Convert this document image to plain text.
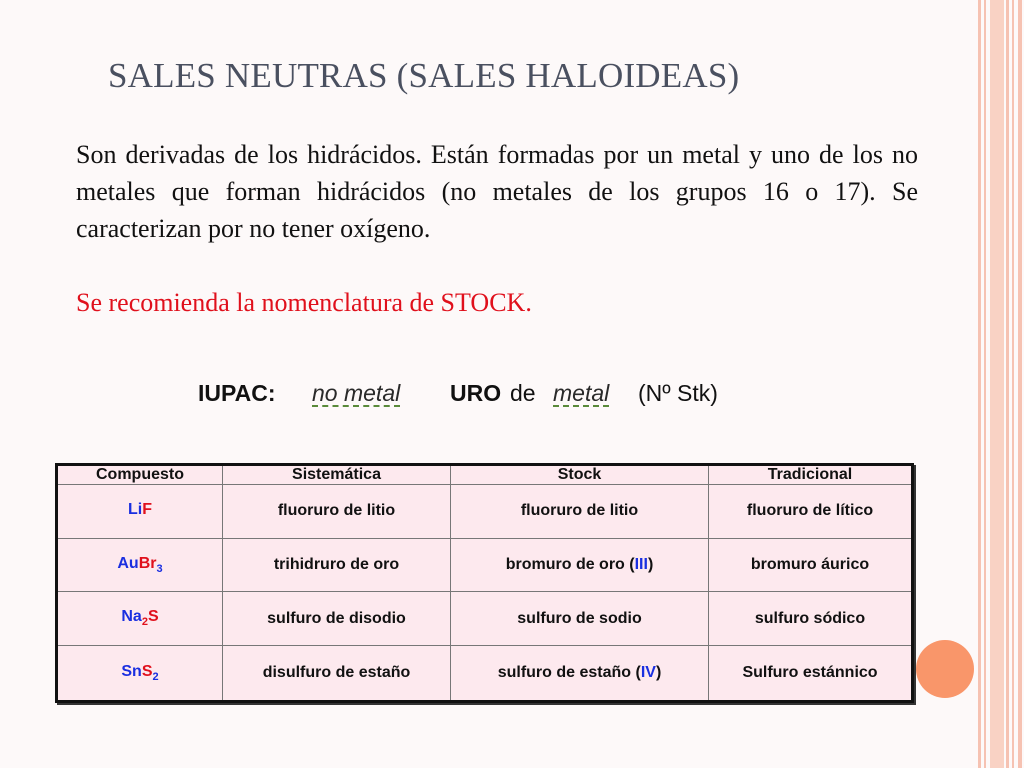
SALES NEUTRAS (SALES HALOIDEAS)
Son derivadas de los hidrácidos. Están formadas por un metal y uno de los no metales que forman hidrácidos (no metales de los grupos 16 o 17). Se caracterizan por no tener oxígeno.
Se recomienda la nomenclatura de STOCK.
IUPAC: no metal URO de metal (Nº Stk)
Compuesto	Sistemática	Stock	Tradicional
LiF	fluoruro de litio	fluoruro de litio	fluoruro de lítico
AuBr$_3$	trihidruro de oro	bromuro de oro (III)	bromuro áurico
$Na_2S$	sulfuro de disodio	sulfuro de sodio	sulfuro sódico
SnS$_2$	disulfuro de estaño	sulfuro de estaño (IV)	Sulfuro estánnico
